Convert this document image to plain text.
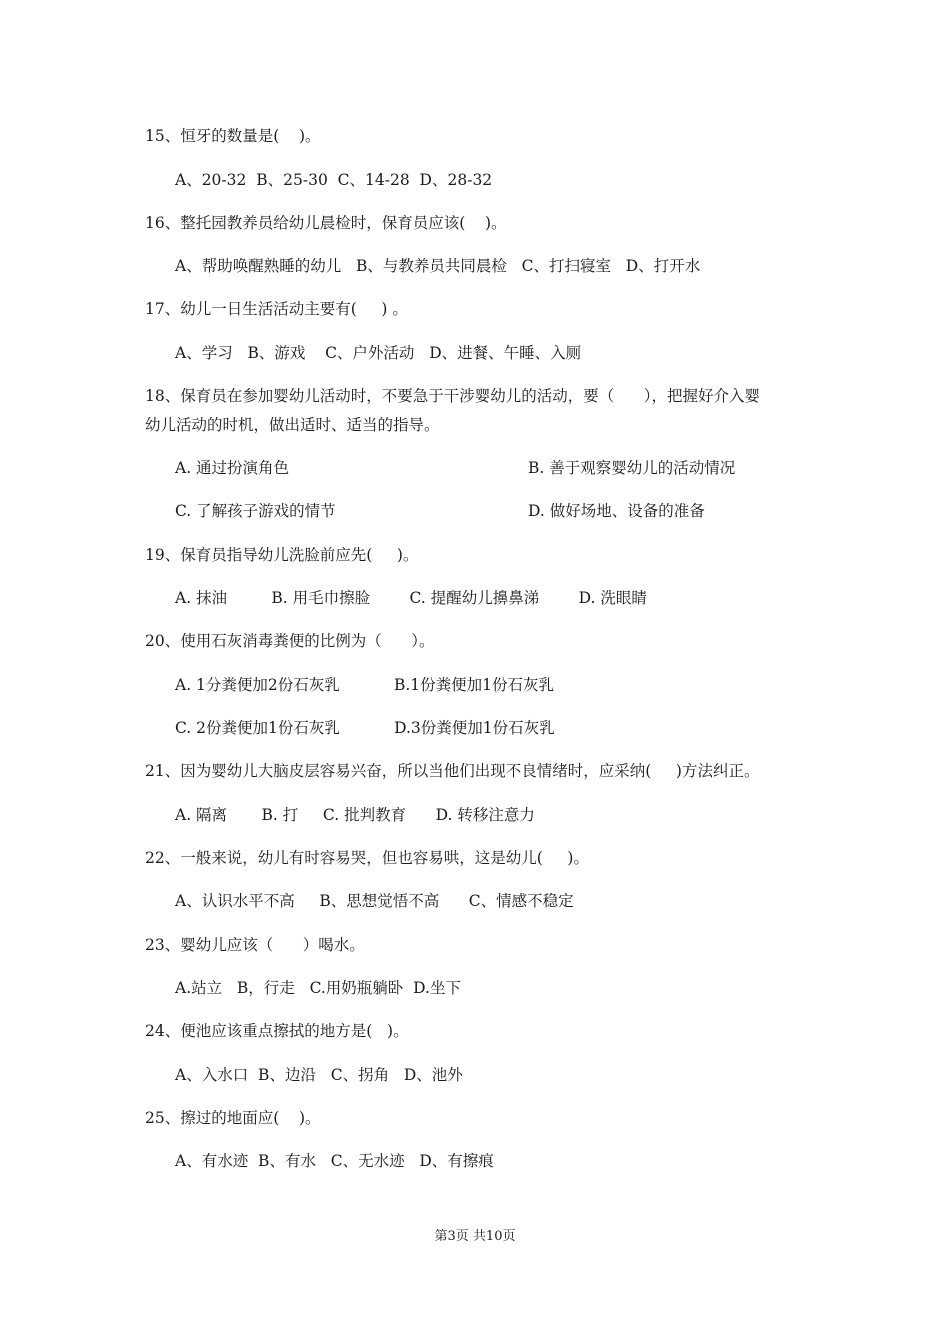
15、恒牙的数量是(    )。
A、20-32  B、25-30  C、14-28  D、28-32
16、整托园教养员给幼儿晨检时，保育员应该(    )。
A、帮助唤醒熟睡的幼儿   B、与教养员共同晨检   C、打扫寝室   D、打开水
17、幼儿一日生活活动主要有(     ) 。
A、学习   B、游戏    C、户外活动   D、进餐、午睡、入厕
18、保育员在参加婴幼儿活动时，不要急于干涉婴幼儿的活动，要（      ），把握好介入婴
幼儿活动的时机，做出适时、适当的指导。
A. 通过扮演角色	B. 善于观察婴幼儿的活动情况
C. 了解孩子游戏的情节	D. 做好场地、设备的准备
19、保育员指导幼儿洗脸前应先(     )。
A. 抹油         B. 用毛巾擦脸        C. 提醒幼儿擤鼻涕        D. 洗眼睛
20、使用石灰消毒粪便的比例为（      ）。
A. 1分粪便加2份石灰乳           B.1份粪便加1份石灰乳
C. 2份粪便加1份石灰乳           D.3份粪便加1份石灰乳
21、因为婴幼儿大脑皮层容易兴奋，所以当他们出现不良情绪时，应采纳(     )方法纠正。
A. 隔离       B. 打     C. 批判教育      D. 转移注意力
22、一般来说，幼儿有时容易哭，但也容易哄，这是幼儿(     )。
A、认识水平不高     B、思想觉悟不高      C、情感不稳定
23、婴幼儿应该（      ）喝水。
A.站立   B，行走   C.用奶瓶躺卧  D.坐下
24、便池应该重点擦拭的地方是(   )。
A、入水口  B、边沿   C、拐角   D、池外
25、擦过的地面应(    )。
A、有水迹  B、有水   C、无水迹   D、有擦痕
第3页 共10页
